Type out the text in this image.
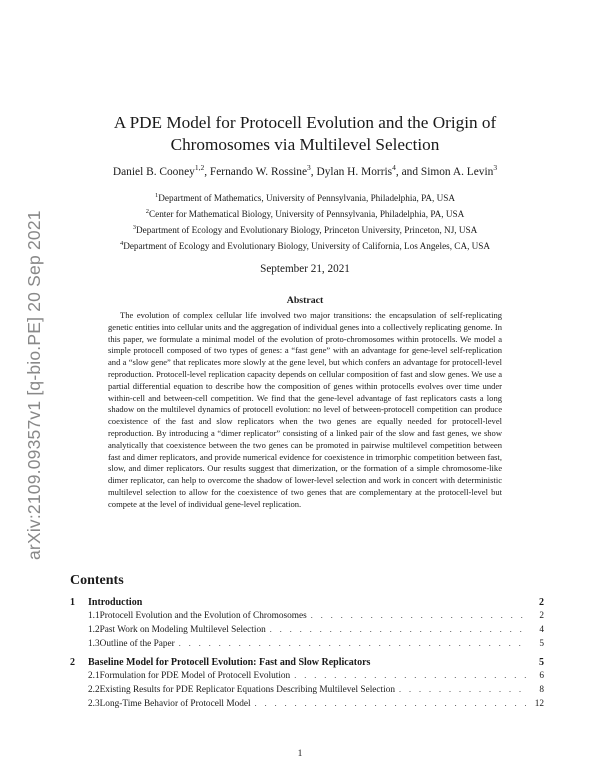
arXiv:2109.09357v1 [q-bio.PE] 20 Sep 2021
A PDE Model for Protocell Evolution and the Origin of
Chromosomes via Multilevel Selection
Daniel B. Cooney$^{1,2}$, Fernando W. Rossine$^3$, Dylan H. Morris$^4$, and Simon A. Levin$^3$
$^1$Department of Mathematics, University of Pennsylvania, Philadelphia, PA, USA
$^2$Center for Mathematical Biology, University of Pennsylvania, Philadelphia, PA, USA
$^3$Department of Ecology and Evolutionary Biology, Princeton University, Princeton, NJ, USA
$^4$Department of Ecology and Evolutionary Biology, University of California, Los Angeles, CA, USA
September 21, 2021
Abstract

The evolution of complex cellular life involved two major transitions: the encapsulation of self-replicating genetic entities into cellular units and the aggregation of individual genes into a collectively replicating genome. In this paper, we formulate a minimal model of the evolution of proto-chromosomes within protocells. We model a simple protocell composed of two types of genes: a “fast gene” with an advantage for gene-level self-replication and a “slow gene” that replicates more slowly at the gene level, but which confers an advantage for protocell-level reproduction. Protocell-level replication capacity depends on cellular composition of fast and slow genes. We use a partial differential equation to describe how the composition of genes within protocells evolves over time under within-cell and between-cell competition. We find that the gene-level advantage of fast replicators casts a long shadow on the multilevel dynamics of protocell evolution: no level of between-protocell competition can produce coexistence of the fast and slow replicators when the two genes are equally needed for protocell-level reproduction. By introducing a “dimer replicator” consisting of a linked pair of the slow and fast genes, we show analytically that coexistence between the two genes can be promoted in pairwise multilevel competition between fast and dimer replicators, and provide numerical evidence for coexistence in trimorphic competition between fast, slow, and dimer replicators. Our results suggest that dimerization, or the formation of a simple chromosome-like dimer replicator, can help to overcome the shadow of lower-level selection and work in concert with deterministic multilevel selection to allow for the coexistence of two genes that are complementary at the protocell-level but compete at the level of individual gene-level replication.

Contents
1	Introduction	2
1.1 Protocell Evolution and the Evolution of Chromosomes . . .	2
1.2 Past Work on Modeling Multilevel Selection . . .	4
1.3 Outline of the Paper . . .	5
2	Baseline Model for Protocell Evolution: Fast and Slow Replicators	5
2.1 Formulation for PDE Model of Protocell Evolution . . .	6
2.2 Existing Results for PDE Replicator Equations Describing Multilevel Selection . . .	8
2.3 Long-Time Behavior of Protocell Model . . .	12
1
